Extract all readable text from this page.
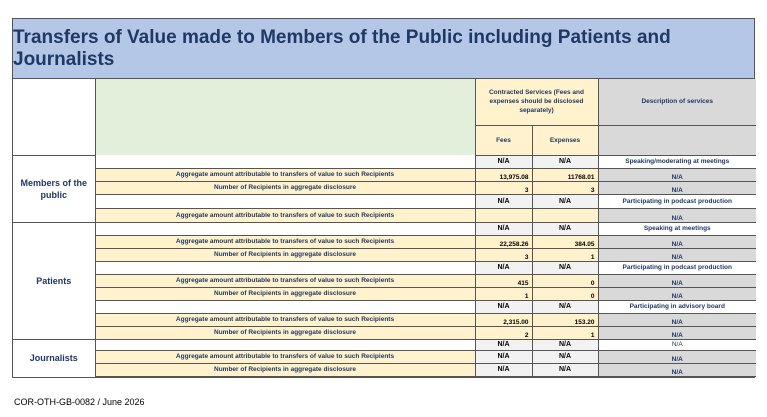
Transfers of Value made to Members of the Public including Patients and Journalists
		Contracted Services (Fees and expenses should be disclosed separately)		Description of services
		Fees	Expenses	
Members of the public		N/A	N/A	Speaking/moderating at meetings
	Aggregate amount attributable to transfers of value to such Recipients	13,975.08	11768.01	N/A
	Number of Recipients in aggregate disclosure	3	3	N/A
		N/A	N/A	Participating in podcast production
	Aggregate amount attributable to transfers of value to such Recipients			N/A
Patients		N/A	N/A	Speaking at meetings
	Aggregate amount attributable to transfers of value to such Recipients	22,258.26	384.05	N/A
	Number of Recipients in aggregate disclosure	3	1	N/A
		N/A	N/A	Participating in podcast production
	Aggregate amount attributable to transfers of value to such Recipients	415	0	N/A
	Number of Recipients in aggregate disclosure	1	0	N/A
		N/A	N/A	Participating in advisory board
	Aggregate amount attributable to transfers of value to such Recipients	2,315.00	153.20	N/A
	Number of Recipients in aggregate disclosure	2	1	N/A
Journalists		N/A	N/A	N/A
	Aggregate amount attributable to transfers of value to such Recipients	N/A	N/A	N/A
	Number of Recipients in aggregate disclosure	N/A	N/A	N/A
COR-OTH-GB-0082 / June 2026
